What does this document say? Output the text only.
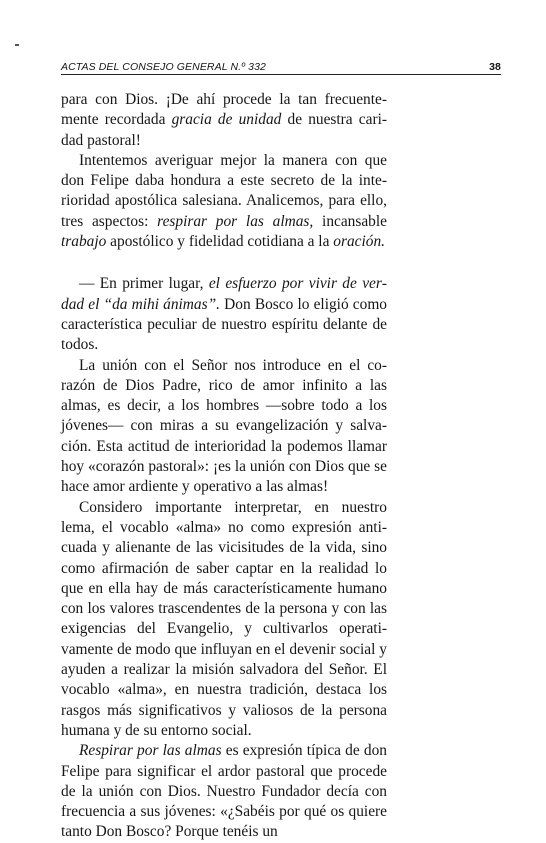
ACTAS DEL CONSEJO GENERAL N.º 332	38

para con Dios. ¡De ahí procede la tan frecuentemente recordada gracia de unidad de nuestra caridad pastoral!

Intentemos averiguar mejor la manera con que don Felipe daba hondura a este secreto de la interioridad apostólica salesiana. Analicemos, para ello, tres aspectos: respirar por las almas, incansable trabajo apostólico y fidelidad cotidiana a la oración.

— En primer lugar, el esfuerzo por vivir de verdad el “da mihi ánimas”. Don Bosco lo eligió como característica peculiar de nuestro espíritu delante de todos.

La unión con el Señor nos introduce en el corazón de Dios Padre, rico de amor infinito a las almas, es decir, a los hombres —sobre todo a los jóvenes— con miras a su evangelización y salvación. Esta actitud de interioridad la podemos llamar hoy «corazón pastoral»: ¡es la unión con Dios que se hace amor ardiente y operativo a las almas!

Considero importante interpretar, en nuestro lema, el vocablo «alma» no como expresión anticuada y alienante de las vicisitudes de la vida, sino como afirmación de saber captar en la realidad lo que en ella hay de más característicamente humano con los valores trascendentes de la persona y con las exigencias del Evangelio, y cultivarlos operativamente de modo que influyan en el devenir social y ayuden a realizar la misión salvadora del Señor. El vocablo «alma», en nuestra tradición, destaca los rasgos más significativos y valiosos de la persona humana y de su entorno social.

Respirar por las almas es expresión típica de don Felipe para significar el ardor pastoral que procede de la unión con Dios. Nuestro Fundador decía con frecuencia a sus jóvenes: «¿Sabéis por qué os quiere tanto Don Bosco? Porque tenéis un
